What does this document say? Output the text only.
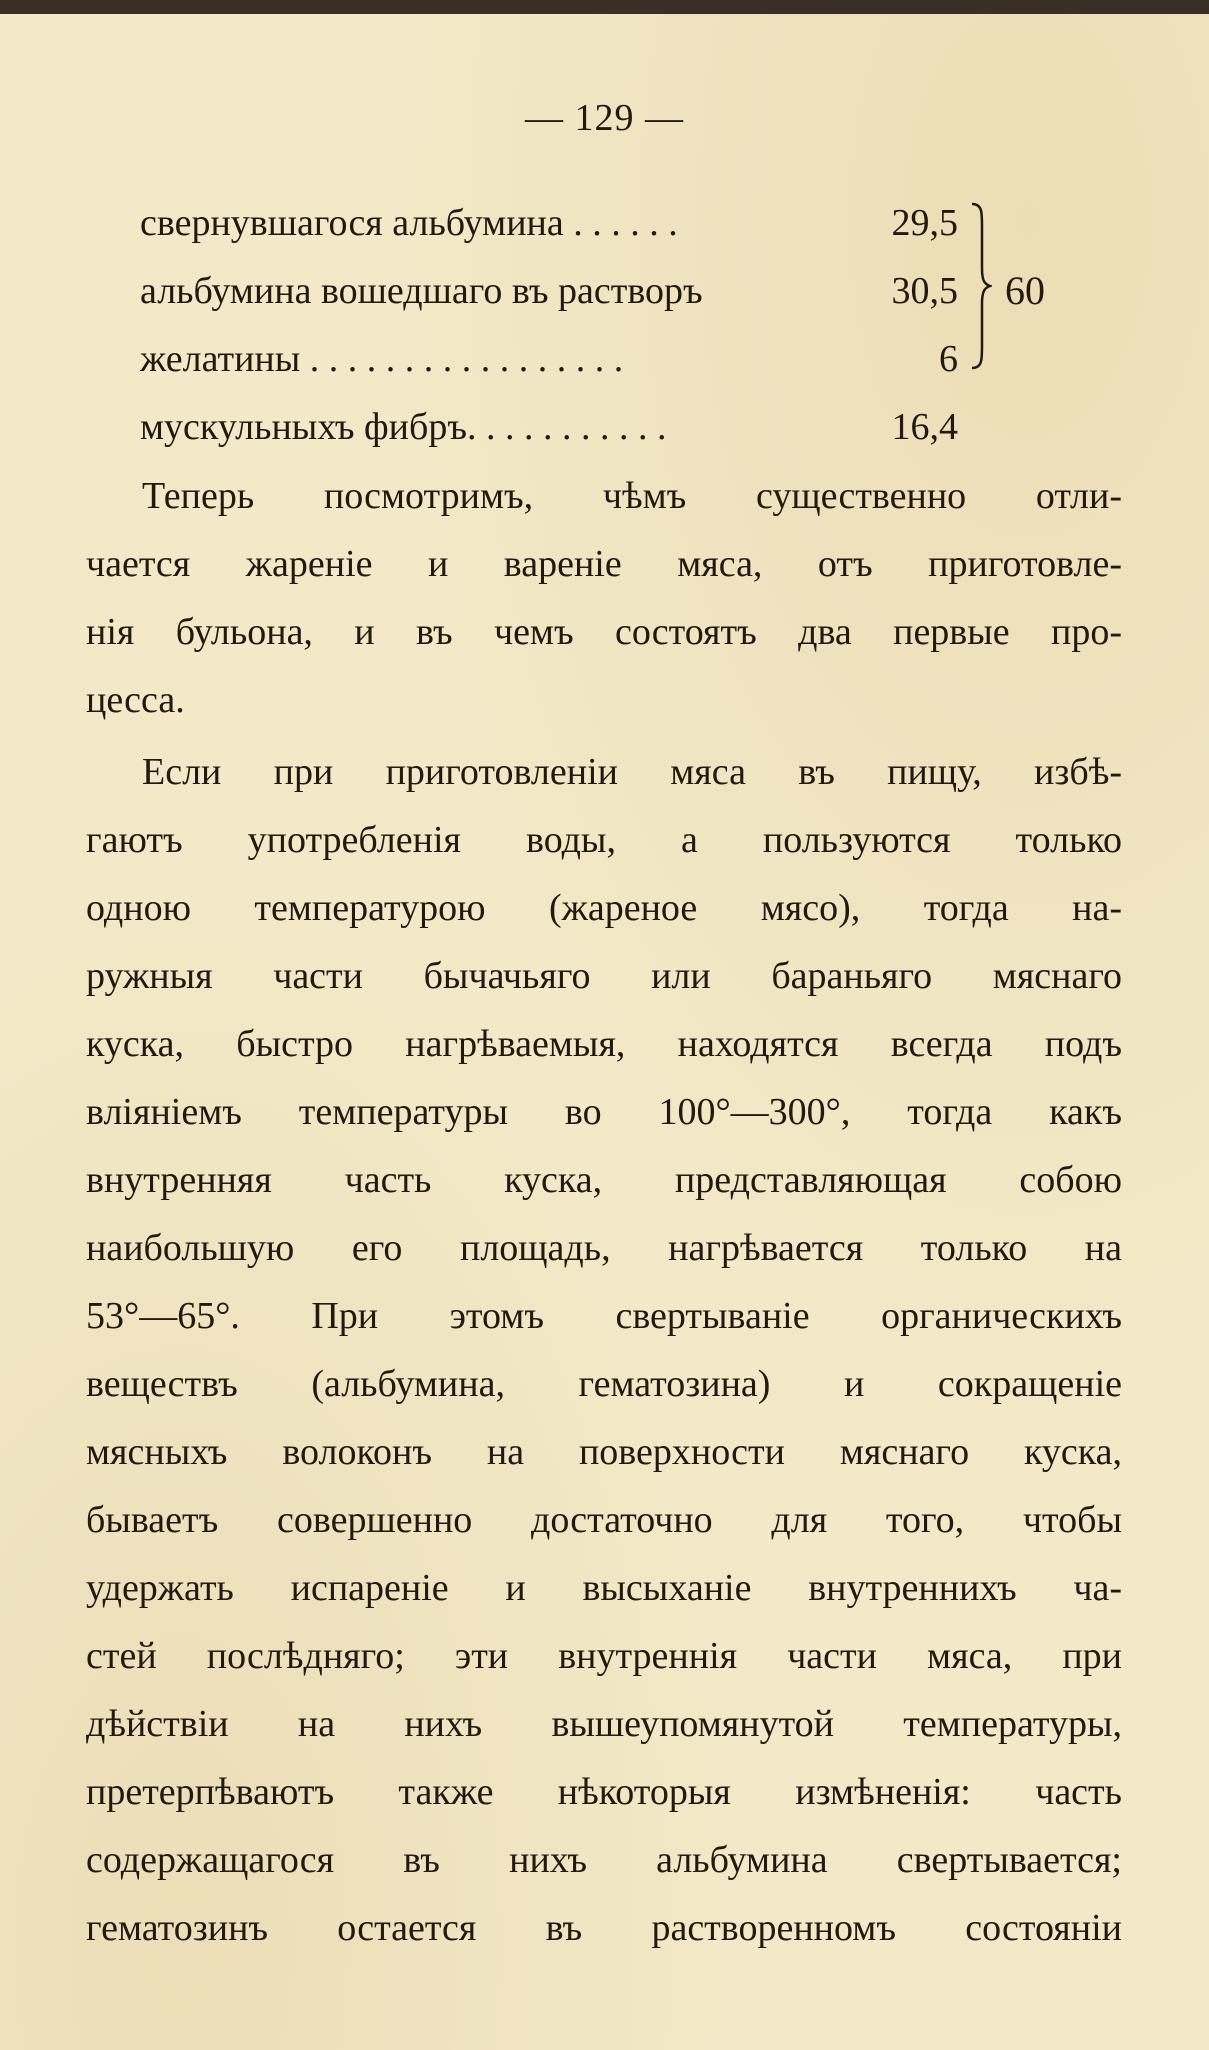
— 129 —
свернувшагося альбумина . . . . . .	29,5
альбумина вошедшаго въ растворъ	30,5
желатины . . . . . . . . . . . . . . . . .	6
мускульныхъ фибръ. . . . . . . . . . .	16,4
60
Теперь посмотримъ, чѣмъ существенно отли-
чается жареніе и вареніе мяса, отъ приготовле-
нія бульона, и въ чемъ состоятъ два первые про-
цесса.
Если при приготовленіи мяса въ пищу, избѣ-
гаютъ употребленія воды, а пользуются только
одною температурою (жареное мясо), тогда на-
ружныя части бычачьяго или бараньяго мяснаго
куска, быстро нагрѣваемыя, находятся всегда подъ
вліяніемъ температуры во 100°—300°, тогда какъ
внутренняя часть куска, представляющая собою
наибольшую его площадь, нагрѣвается только на
53°—65°. При этомъ свертываніе органическихъ
веществъ (альбумина, гематозина) и сокращеніе
мясныхъ волоконъ на поверхности мяснаго куска,
бываетъ совершенно достаточно для того, чтобы
удержать испареніе и высыханіе внутреннихъ ча-
стей послѣдняго; эти внутреннія части мяса, при
дѣйствіи на нихъ вышеупомянутой температуры,
претерпѣваютъ также нѣкоторыя измѣненія: часть
содержащагося въ нихъ альбумина свертывается;
гематозинъ остается въ растворенномъ состояніи
